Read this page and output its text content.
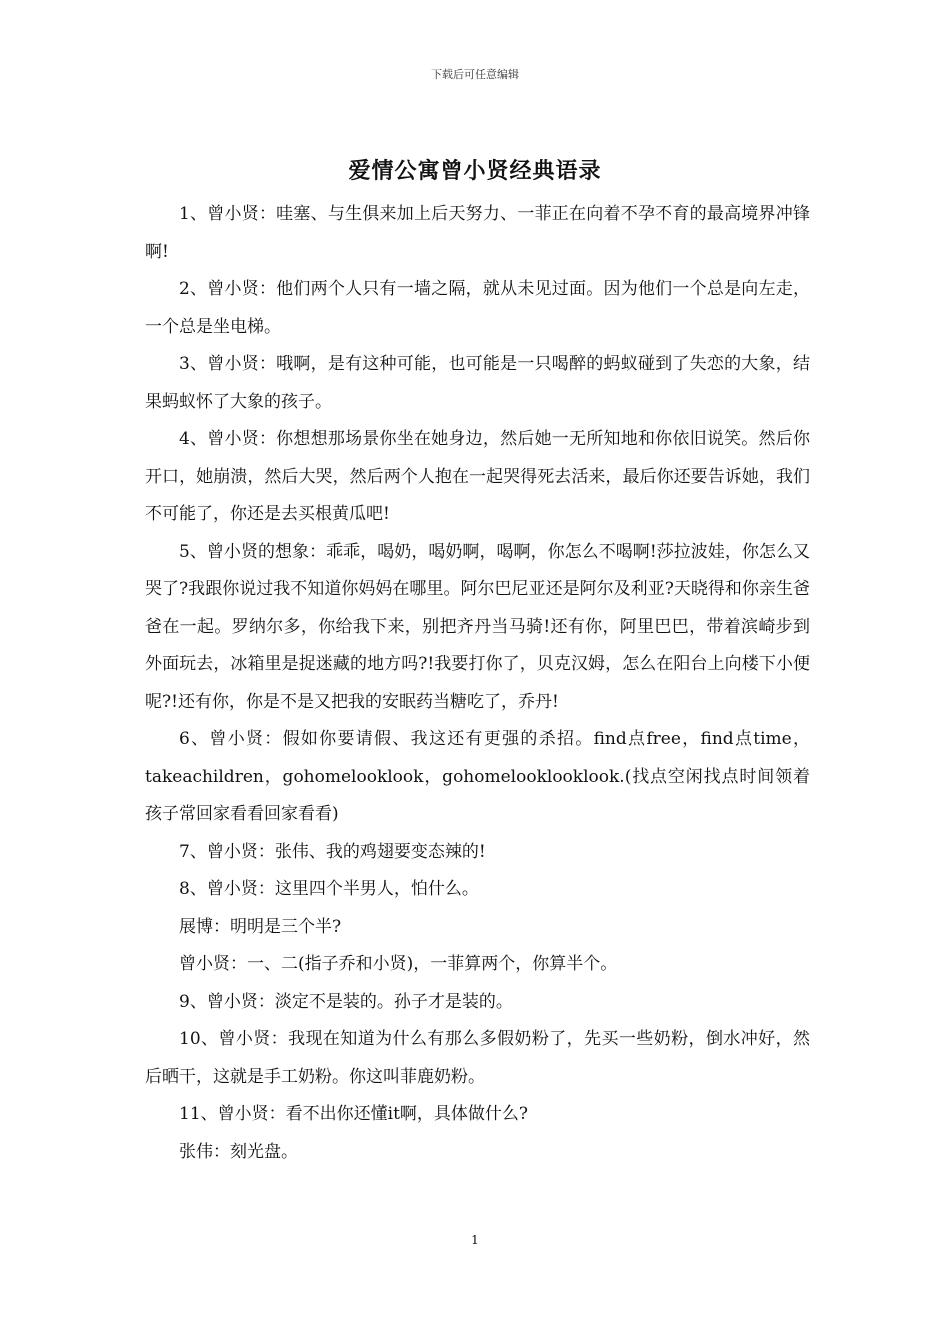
下载后可任意编辑
爱情公寓曾小贤经典语录

1、曾小贤：哇塞、与生俱来加上后天努力、一菲正在向着不孕不育的最高境界冲锋啊!

2、曾小贤：他们两个人只有一墙之隔，就从未见过面。因为他们一个总是向左走，一个总是坐电梯。

3、曾小贤：哦啊，是有这种可能，也可能是一只喝醉的蚂蚁碰到了失恋的大象，结果蚂蚁怀了大象的孩子。

4、曾小贤：你想想那场景你坐在她身边，然后她一无所知地和你依旧说笑。然后你开口，她崩溃，然后大哭，然后两个人抱在一起哭得死去活来，最后你还要告诉她，我们不可能了，你还是去买根黄瓜吧!

5、曾小贤的想象：乖乖，喝奶，喝奶啊，喝啊，你怎么不喝啊!莎拉波娃，你怎么又哭了?我跟你说过我不知道你妈妈在哪里。阿尔巴尼亚还是阿尔及利亚?天晓得和你亲生爸爸在一起。罗纳尔多，你给我下来，别把齐丹当马骑!还有你，阿里巴巴，带着滨崎步到外面玩去，冰箱里是捉迷藏的地方吗?!我要打你了，贝克汉姆，怎么在阳台上向楼下小便呢?!还有你，你是不是又把我的安眠药当糖吃了，乔丹!

6、曾小贤：假如你要请假、我这还有更强的杀招。find点free，find点time，takeachildren，gohomelooklook，gohomelooklooklook.(找点空闲找点时间领着孩子常回家看看回家看看)

7、曾小贤：张伟、我的鸡翅要变态辣的!

8、曾小贤：这里四个半男人，怕什么。

展博：明明是三个半?

曾小贤：一、二(指子乔和小贤)，一菲算两个，你算半个。

9、曾小贤：淡定不是装的。孙子才是装的。

10、曾小贤：我现在知道为什么有那么多假奶粉了，先买一些奶粉，倒水冲好，然后晒干，这就是手工奶粉。你这叫菲鹿奶粉。

11、曾小贤：看不出你还懂it啊，具体做什么?

张伟：刻光盘。

1
